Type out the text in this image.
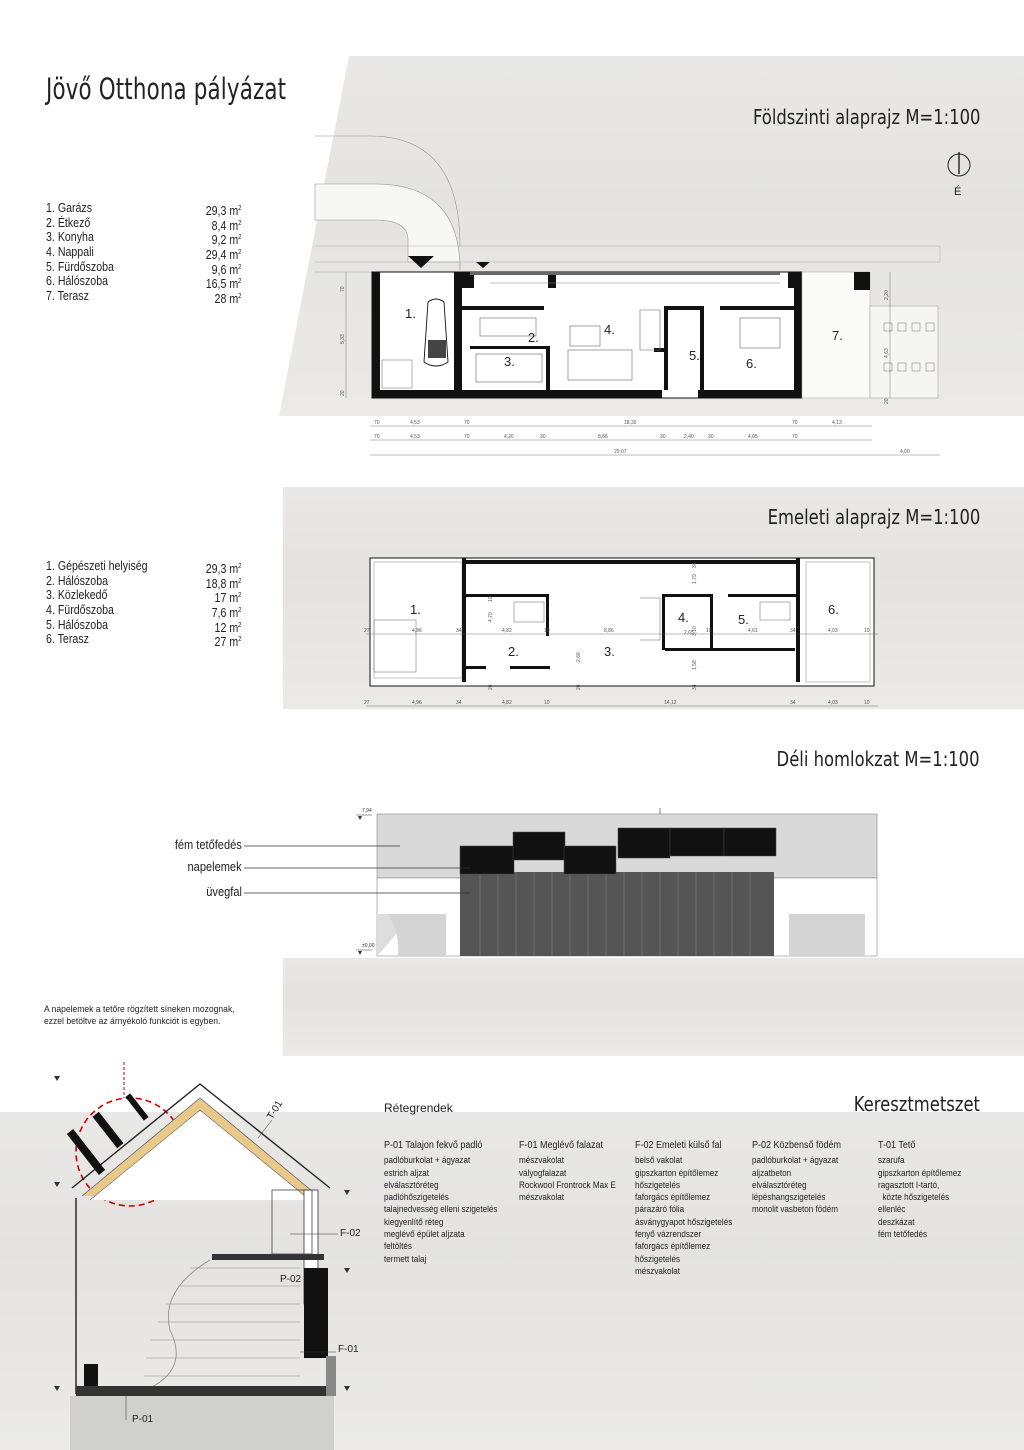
Jövő Otthona pályázat
Földszinti alaprajz M=1:100
É
1. Garázs	29,3 $m^2$
2. Étkező	8,4 $m^2$
3. Konyha	9,2 $m^2$
4. Nappali	29,4 $m^2$
5. Fürdőszoba	9,6 $m^2$
6. Hálószoba	16,5 $m^2$
7. Terasz	28 $m^2$
1.
2.
3.
4.
5.
6.
7.
70	4,53	70	18,32	70	4,13
70	4,53	70	4,26	30	8,66	30	2,40	30	4,05	70
29,07	4,00
70
5,33
20
2,20
4,63
20
Emeleti alaprajz M=1:100
1. Gépészeti helyiség	29,3 $m^2$
2. Hálószoba	18,8 $m^2$
3. Közlekedő	17 $m^2$
4. Fürdőszoba	7,6 $m^2$
5. Hálószoba	12 $m^2$
6. Terasz	27 $m^2$
1.
2.	3.
4.	5.
6.
27	4,96	34	4,82	10	8,86	10	4,61	34	4,03	10
27	4,96	34	4,82	10	14,12	34	4,03	10
1,79
34
4,70
2,66
1,58
3,10
2,65
10
26	26	34
Déli homlokzat M=1:100
7,94
±0,00
fém tetőfedés
napelemek
üvegfal
A napelemek a tetőre rögzített síneken mozognak,
ezzel betöltve az árnyékoló funkciót is egyben.
T-01
F-02
P-02
F-01
P-01
Rétegrendek
P-01 Talajon fekvő padló
padlóburkolat + ágyazat
estrich aljzat
elválasztóréteg
padlóhőszigetelés
talajnedvesség elleni szigetelés
kiegyenlítő réteg
meglévő épület aljzata
feltöltés
termett talaj
F-01 Meglévő falazat
mészvakolat
vályogfalazat
Rockwool Frontrock Max E
mészvakolat
F-02 Emeleti külső fal
belső vakolat
gipszkarton építőlemez
hőszigetelés
faforgács építőlemez
párazáró fólia
ásványgyapot hőszigetelés
fenyő vázrendszer
faforgács építőlemez
hőszigetelés
mészvakolat
P-02 Közbenső födém
padlóburkolat + ágyazat
aljzatbeton
elválasztóréteg
lépéshangszigetelés
monolit vasbeton födém
T-01 Tető
szarufa
gipszkarton építőlemez
ragasztott I-tartó,
közte hőszigetelés
ellenléc
deszkázat
fém tetőfedés
Keresztmetszet
